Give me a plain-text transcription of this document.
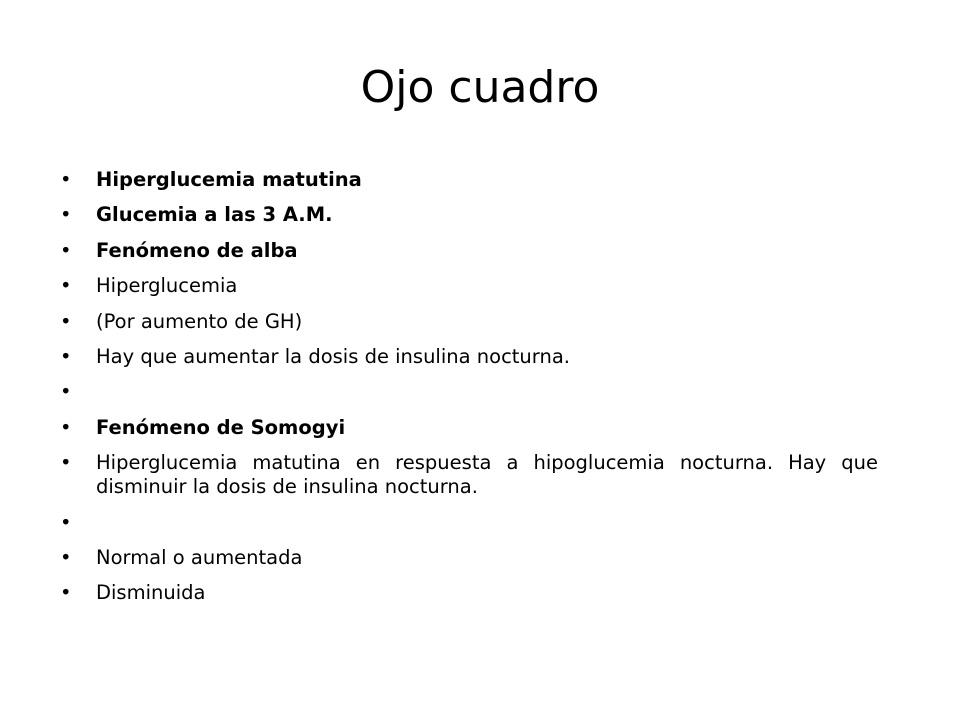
Ojo cuadro
• Hiperglucemia matutina
• Glucemia a las 3 A.M.
• Fenómeno de alba
• Hiperglucemia
• (Por aumento de GH)
• Hay que aumentar la dosis de insulina nocturna.
•
• Fenómeno de Somogyi
• Hiperglucemia matutina en respuesta a hipoglucemia nocturna. Hay que disminuir la dosis de insulina nocturna.
•
• Normal o aumentada
• Disminuida
